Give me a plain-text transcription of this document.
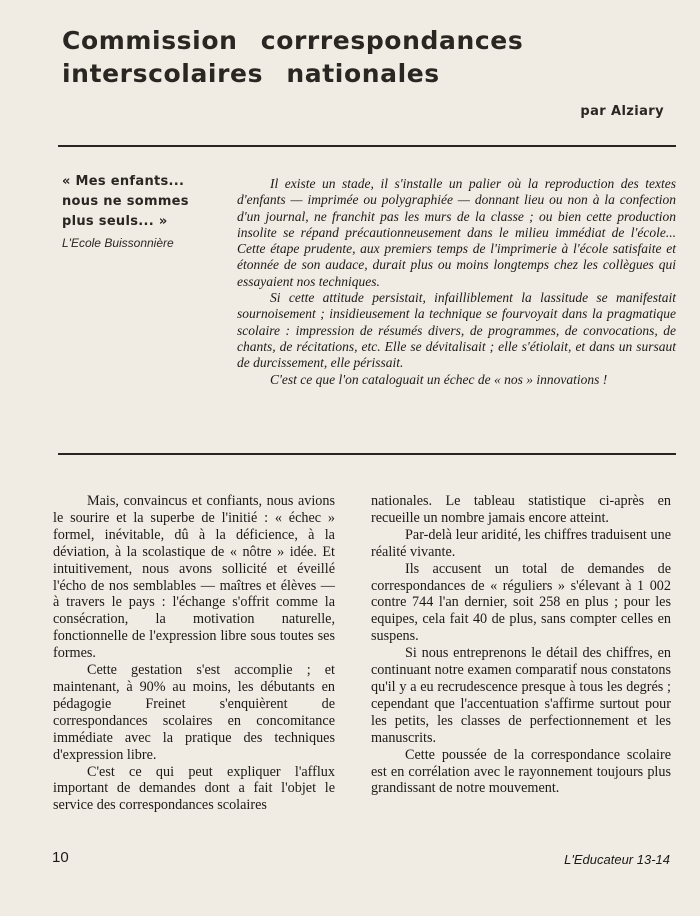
Commission corrrespondances
interscolaires nationales
par Alziary
« Mes enfants... nous ne sommes plus seuls... »
L'Ecole Buissonnière

Il existe un stade, il s'installe un palier où la reproduction des textes d'enfants — imprimée ou polygraphiée — donnant lieu ou non à la confection d'un journal, ne franchit pas les murs de la classe ; ou bien cette production insolite se répand précautionneusement dans le milieu immédiat de l'école... Cette étape prudente, aux premiers temps de l'imprimerie à l'école satisfaite et étonnée de son audace, durait plus ou moins longtemps chez les collègues qui essayaient nos techniques.

Si cette attitude persistait, infailliblement la lassitude se manifestait sournoisement ; insidieusement la technique se fourvoyait dans la pragmatique scolaire : impression de résumés divers, de programmes, de convocations, de chants, de récitations, etc. Elle se dévitalisait ; elle s'étiolait, et dans un sursaut de durcissement, elle périssait.

C'est ce que l'on cataloguait un échec de « nos » innovations !

Mais, convaincus et confiants, nous avions le sourire et la superbe de l'initié : « échec » formel, inévitable, dû à la déficience, à la déviation, à la scolastique de « nôtre » idée. Et intuitivement, nous avons sollicité et éveillé l'écho de nos semblables — maîtres et élèves — à travers le pays : l'échange s'offrit comme la consécration, la motivation naturelle, fonctionnelle de l'expression libre sous toutes ses formes.

Cette gestation s'est accomplie ; et maintenant, à 90% au moins, les débutants en pédagogie Freinet s'enquièrent de correspondances scolaires en concomitance immédiate avec la pratique des techniques d'expression libre.

C'est ce qui peut expliquer l'afflux important de demandes dont a fait l'objet le service des correspondances scolaires

nationales. Le tableau statistique ci-après en recueille un nombre jamais encore atteint.

Par-delà leur aridité, les chiffres traduisent une réalité vivante.

Ils accusent un total de demandes de correspondances de « réguliers » s'élevant à 1 002 contre 744 l'an dernier, soit 258 en plus ; pour les equipes, cela fait 40 de plus, sans compter celles en suspens.

Si nous entreprenons le détail des chiffres, en continuant notre examen comparatif nous constatons qu'il y a eu recrudescence presque à tous les degrés ; cependant que l'accentuation s'affirme surtout pour les petits, les classes de perfectionnement et les manuscrits.

Cette poussée de la correspondance scolaire est en corrélation avec le rayonnement toujours plus grandissant de notre mouvement.

10	L'Educateur 13-14
